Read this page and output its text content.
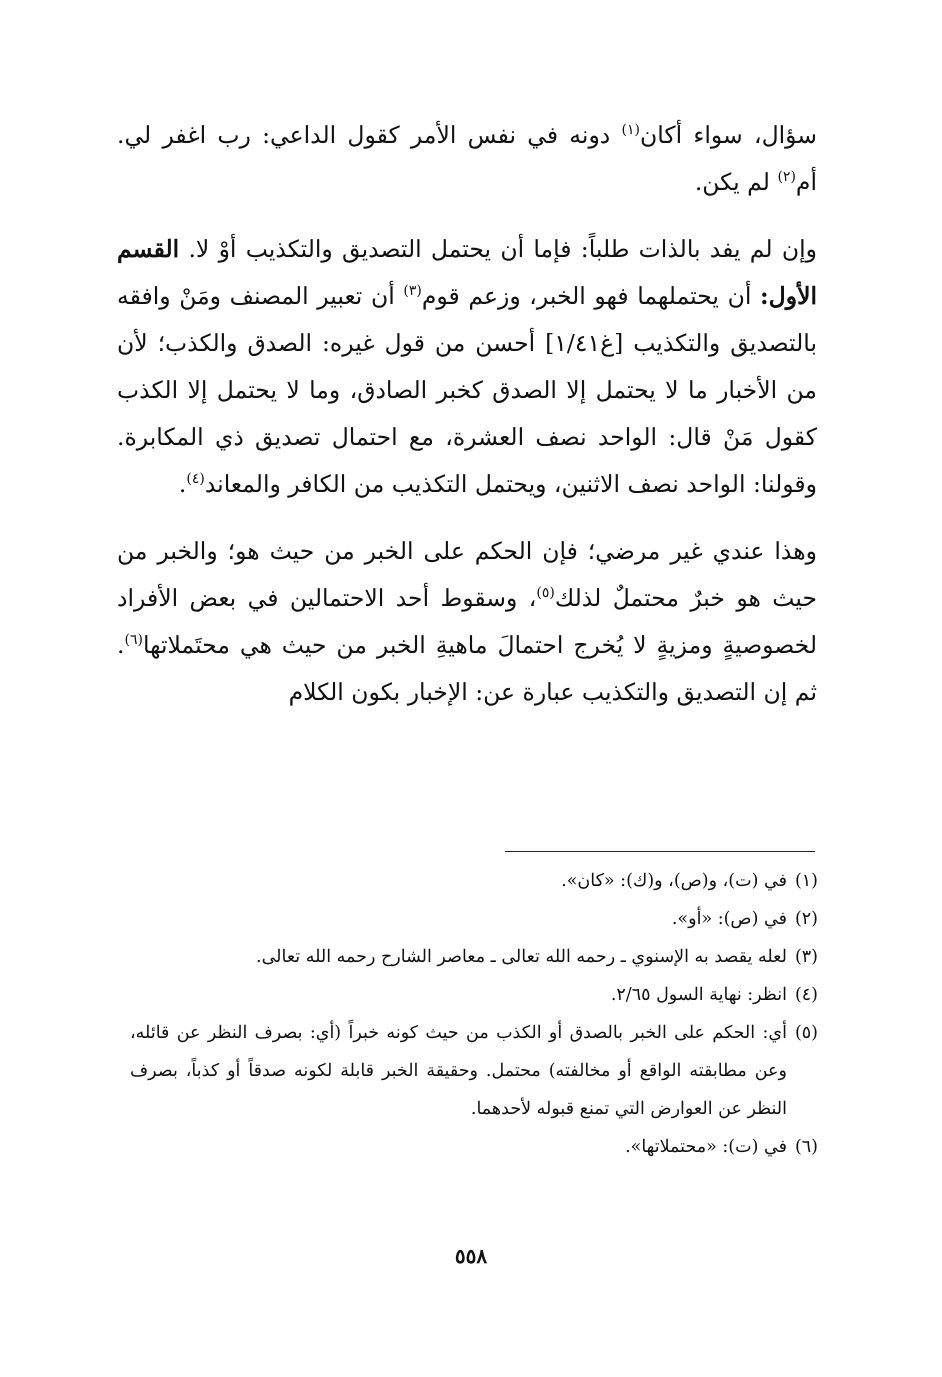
سؤال، سواء أكان$^{(١)}$ دونه في نفس الأمر كقول الداعي: رب اغفر لي. أم$^{(٢)}$ لم يكن.

وإن لم يفد بالذات طلباً: فإما أن يحتمل التصديق والتكذيب أوْ لا. القسم الأول: أن يحتملهما فهو الخبر، وزعم قوم$^{(٣)}$ أن تعبير المصنف ومَنْ وافقه بالتصديق والتكذيب [غ١/٤١] أحسن من قول غيره: الصدق والكذب؛ لأن من الأخبار ما لا يحتمل إلا الصدق كخبر الصادق، وما لا يحتمل إلا الكذب كقول مَنْ قال: الواحد نصف العشرة، مع احتمال تصديق ذي المكابرة. وقولنا: الواحد نصف الاثنين، ويحتمل التكذيب من الكافر والمعاند$^{(٤)}$.

وهذا عندي غير مرضي؛ فإن الحكم على الخبر من حيث هو؛ والخبر من حيث هو خبرٌ محتملٌ لذلك$^{(٥)}$، وسقوط أحد الاحتمالين في بعض الأفراد لخصوصيةٍ ومزيةٍ لا يُخرج احتمالَ ماهيةِ الخبر من حيث هي محتَملاتها$^{(٦)}$. ثم إن التصديق والتكذيب عبارة عن: الإخبار بكون الكلام

(١)
في (ت)، و(ص)، و(ك): «كان».
(٢)
في (ص): «أو».
(٣)
لعله يقصد به الإسنوي ـ رحمه الله تعالى ـ معاصر الشارح رحمه الله تعالى.
(٤)
انظر: نهاية السول ٢/٦٥.
(٥)
أي: الحكم على الخبر بالصدق أو الكذب من حيث كونه خبراً (أي: بصرف النظر عن قائله، وعن مطابقته الواقع أو مخالفته) محتمل. وحقيقة الخبر قابلة لكونه صدقاً أو كذباً، بصرف النظر عن العوارض التي تمنع قبوله لأحدهما.
(٦)
في (ت): «محتملاتها».
٥٥٨
